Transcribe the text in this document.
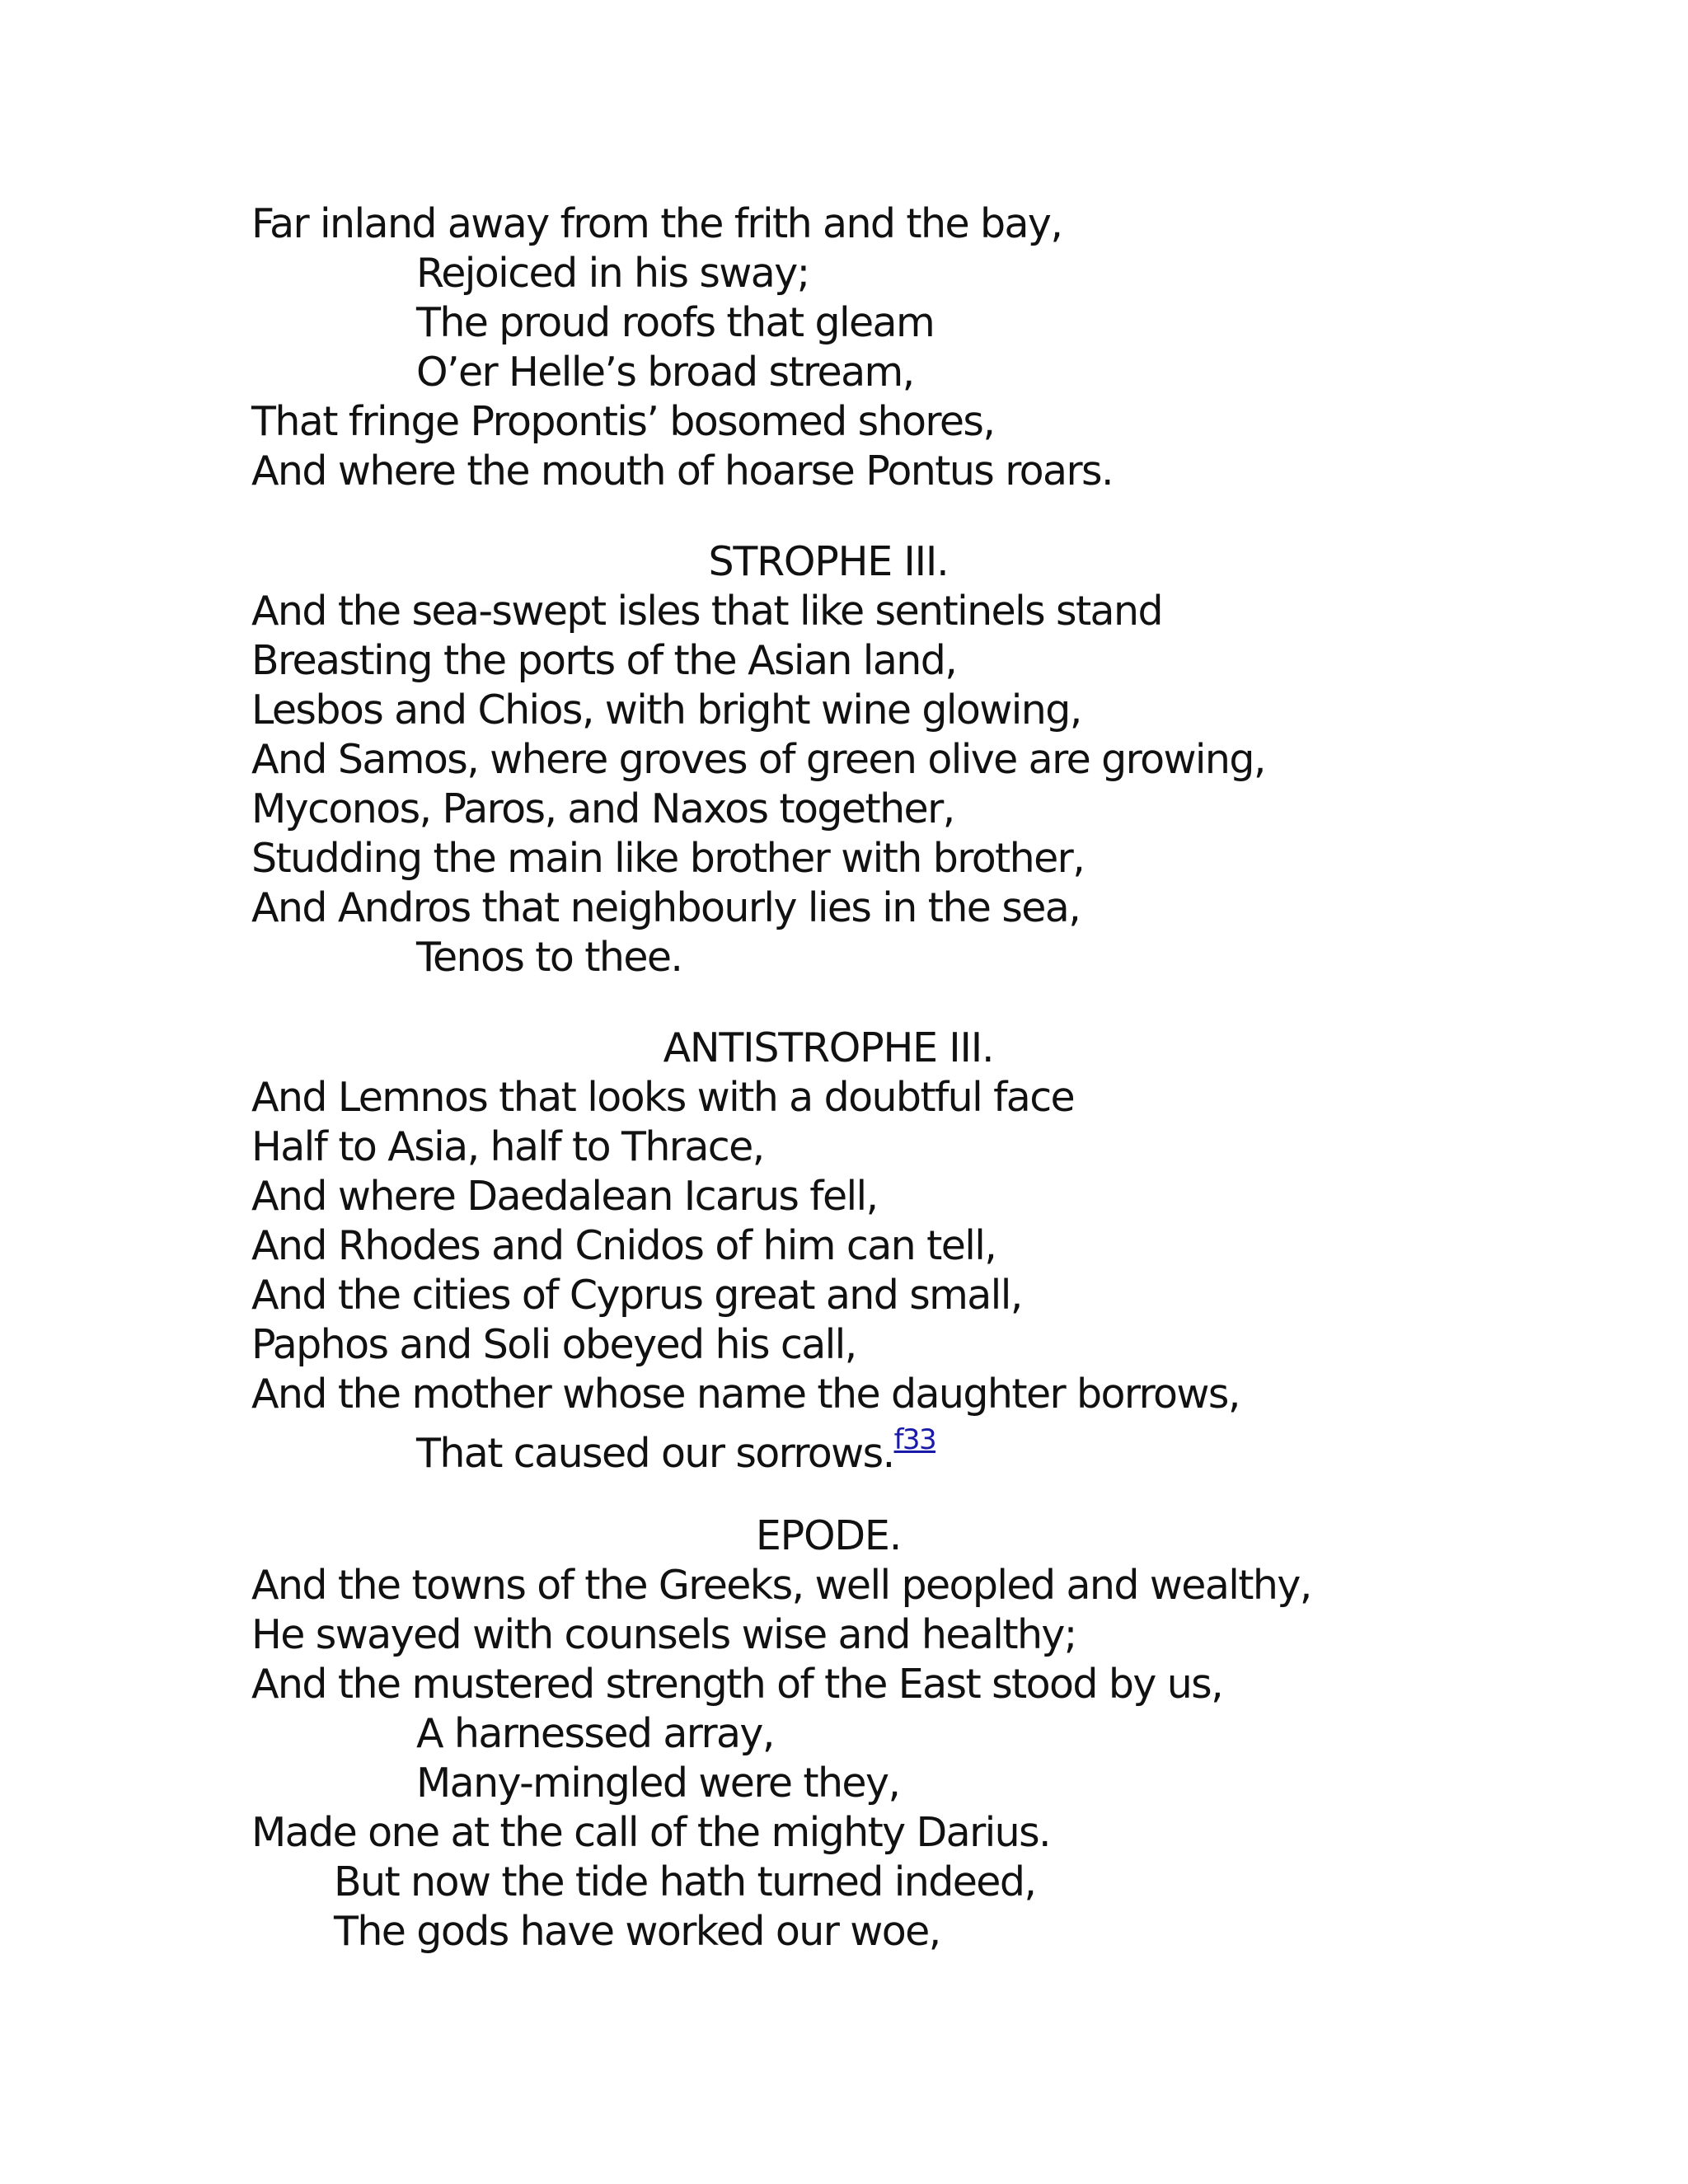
Far inland away from the frith and the bay,
Rejoiced in his sway;
The proud roofs that gleam
O’er Helle’s broad stream,
That fringe Propontis’ bosomed shores,
And where the mouth of hoarse Pontus roars.
STROPHE III.
And the sea-swept isles that like sentinels stand
Breasting the ports of the Asian land,
Lesbos and Chios, with bright wine glowing,
And Samos, where groves of green olive are growing,
Myconos, Paros, and Naxos together,
Studding the main like brother with brother,
And Andros that neighbourly lies in the sea,
Tenos to thee.
ANTISTROPHE III.
And Lemnos that looks with a doubtful face
Half to Asia, half to Thrace,
And where Daedalean Icarus fell,
And Rhodes and Cnidos of him can tell,
And the cities of Cyprus great and small,
Paphos and Soli obeyed his call,
And the mother whose name the daughter borrows,
That caused our sorrows.$^{f33}$
EPODE.
And the towns of the Greeks, well peopled and wealthy,
He swayed with counsels wise and healthy;
And the mustered strength of the East stood by us,
A harnessed array,
Many-mingled were they,
Made one at the call of the mighty Darius.
But now the tide hath turned indeed,
The gods have worked our woe,
